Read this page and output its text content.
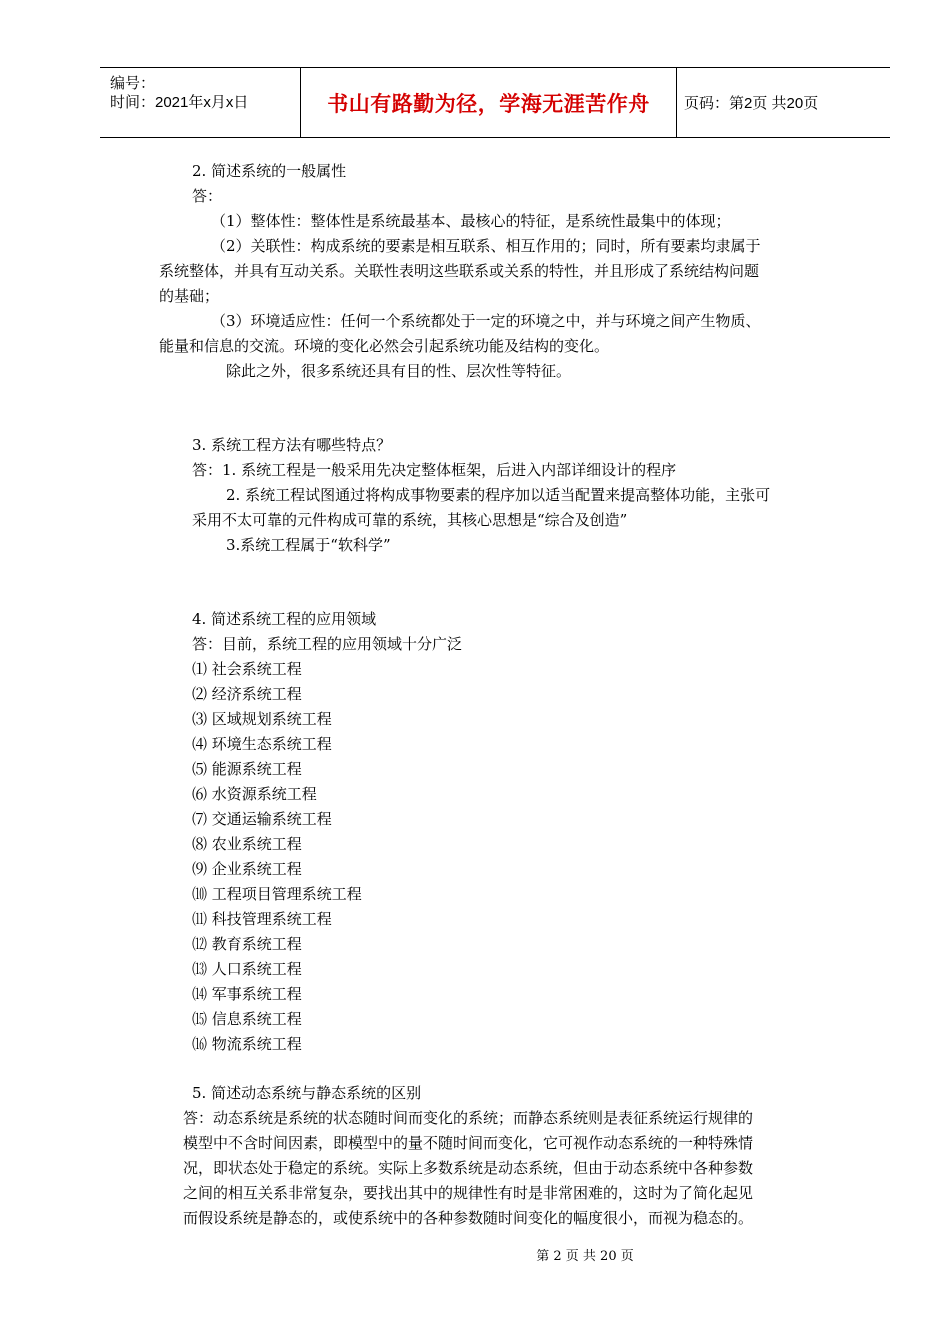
编号：
时间：2021年x月x日	书山有路勤为径，学海无涯苦作舟	页码：第2页 共20页
2. 简述系统的一般属性
答：
（1）整体性：整体性是系统最基本、最核心的特征，是系统性最集中的体现；
（2）关联性：构成系统的要素是相互联系、相互作用的；同时，所有要素均隶属于
系统整体，并具有互动关系。关联性表明这些联系或关系的特性，并且形成了系统结构问题
的基础；
（3）环境适应性：任何一个系统都处于一定的环境之中，并与环境之间产生物质、
能量和信息的交流。环境的变化必然会引起系统功能及结构的变化。
除此之外，很多系统还具有目的性、层次性等特征。
3. 系统工程方法有哪些特点？
答：1. 系统工程是一般采用先决定整体框架，后进入内部详细设计的程序
2. 系统工程试图通过将构成事物要素的程序加以适当配置来提高整体功能，主张可
采用不太可靠的元件构成可靠的系统，其核心思想是“综合及创造”
3.系统工程属于“软科学”
4. 简述系统工程的应用领域
答：目前，系统工程的应用领域十分广泛
⑴ 社会系统工程
⑵ 经济系统工程
⑶ 区域规划系统工程
⑷ 环境生态系统工程
⑸ 能源系统工程
⑹ 水资源系统工程
⑺ 交通运输系统工程
⑻ 农业系统工程
⑼ 企业系统工程
⑽ 工程项目管理系统工程
⑾ 科技管理系统工程
⑿ 教育系统工程
⒀ 人口系统工程
⒁ 军事系统工程
⒂ 信息系统工程
⒃ 物流系统工程
5. 简述动态系统与静态系统的区别
答：动态系统是系统的状态随时间而变化的系统；而静态系统则是表征系统运行规律的
模型中不含时间因素，即模型中的量不随时间而变化，它可视作动态系统的一种特殊情
况，即状态处于稳定的系统。实际上多数系统是动态系统，但由于动态系统中各种参数
之间的相互关系非常复杂，要找出其中的规律性有时是非常困难的，这时为了简化起见
而假设系统是静态的，或使系统中的各种参数随时间变化的幅度很小，而视为稳态的。
第 2 页 共 20 页
